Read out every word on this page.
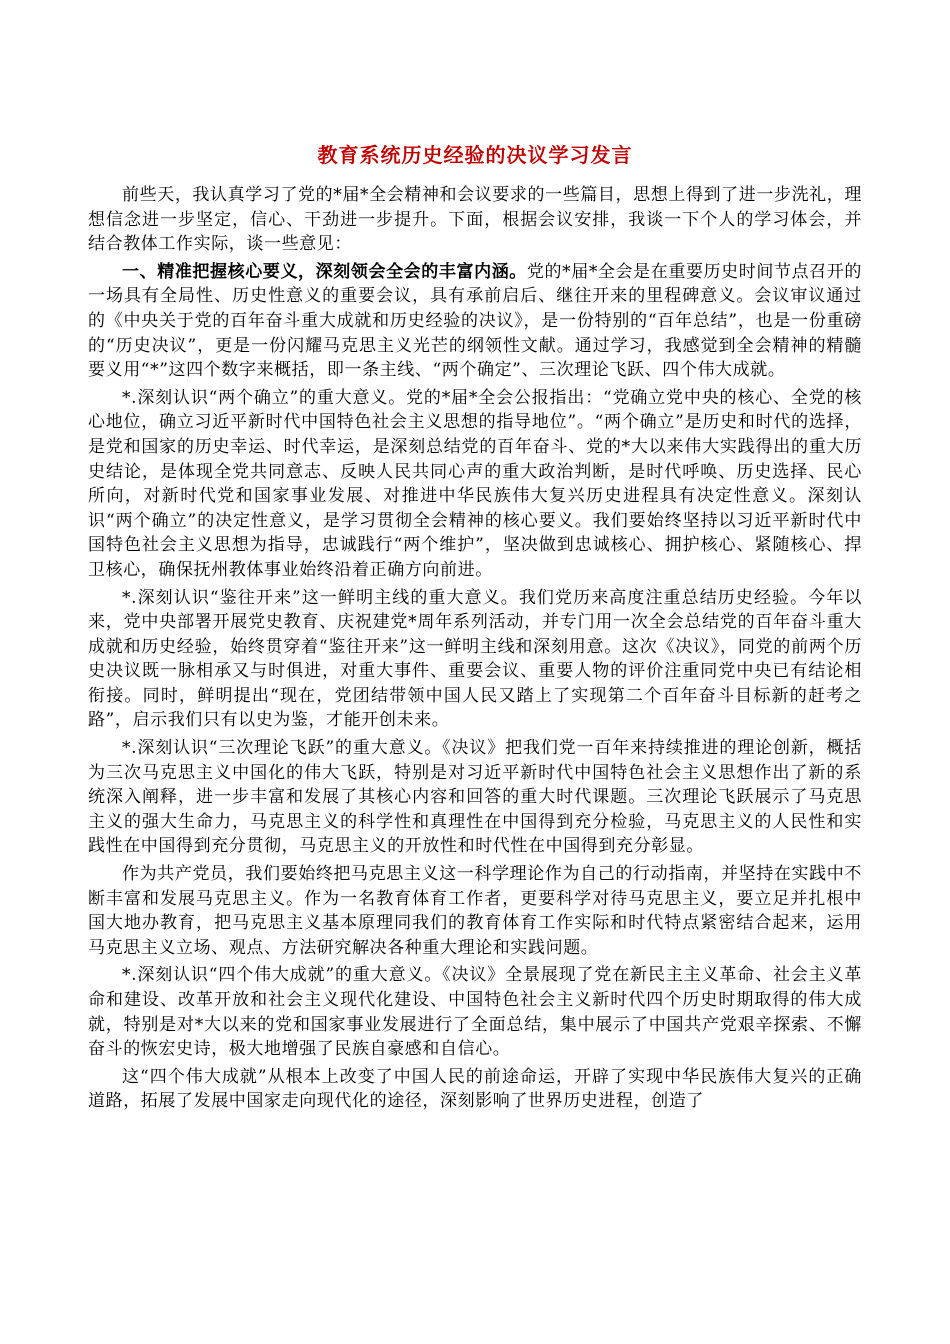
教育系统历史经验的决议学习发言

前些天，我认真学习了党的*届*全会精神和会议要求的一些篇目，思想上得到了进一步洗礼，理想信念进一步坚定，信心、干劲进一步提升。下面，根据会议安排，我谈一下个人的学习体会，并结合教体工作实际，谈一些意见：

一、精准把握核心要义，深刻领会全会的丰富内涵。党的*届*全会是在重要历史时间节点召开的一场具有全局性、历史性意义的重要会议，具有承前启后、继往开来的里程碑意义。会议审议通过的《中央关于党的百年奋斗重大成就和历史经验的决议》，是一份特别的“百年总结”，也是一份重磅的“历史决议”，更是一份闪耀马克思主义光芒的纲领性文献。通过学习，我感觉到全会精神的精髓要义用“*”这四个数字来概括，即一条主线、“两个确定”、三次理论飞跃、四个伟大成就。

*.深刻认识“两个确立”的重大意义。党的*届*全会公报指出：“党确立党中央的核心、全党的核心地位，确立习近平新时代中国特色社会主义思想的指导地位”。“两个确立”是历史和时代的选择，是党和国家的历史幸运、时代幸运，是深刻总结党的百年奋斗、党的*大以来伟大实践得出的重大历史结论，是体现全党共同意志、反映人民共同心声的重大政治判断，是时代呼唤、历史选择、民心所向，对新时代党和国家事业发展、对推进中华民族伟大复兴历史进程具有决定性意义。深刻认识“两个确立”的决定性意义，是学习贯彻全会精神的核心要义。我们要始终坚持以习近平新时代中国特色社会主义思想为指导，忠诚践行“两个维护”，坚决做到忠诚核心、拥护核心、紧随核心、捍卫核心，确保抚州教体事业始终沿着正确方向前进。

*.深刻认识“鉴往开来”这一鲜明主线的重大意义。我们党历来高度注重总结历史经验。今年以来，党中央部署开展党史教育、庆祝建党*周年系列活动，并专门用一次全会总结党的百年奋斗重大成就和历史经验，始终贯穿着“鉴往开来”这一鲜明主线和深刻用意。这次《决议》，同党的前两个历史决议既一脉相承又与时俱进，对重大事件、重要会议、重要人物的评价注重同党中央已有结论相衔接。同时，鲜明提出“现在，党团结带领中国人民又踏上了实现第二个百年奋斗目标新的赶考之路”，启示我们只有以史为鉴，才能开创未来。

*.深刻认识“三次理论飞跃”的重大意义。《决议》把我们党一百年来持续推进的理论创新，概括为三次马克思主义中国化的伟大飞跃，特别是对习近平新时代中国特色社会主义思想作出了新的系统深入阐释，进一步丰富和发展了其核心内容和回答的重大时代课题。三次理论飞跃展示了马克思主义的强大生命力，马克思主义的科学性和真理性在中国得到充分检验，马克思主义的人民性和实践性在中国得到充分贯彻，马克思主义的开放性和时代性在中国得到充分彰显。

作为共产党员，我们要始终把马克思主义这一科学理论作为自己的行动指南，并坚持在实践中不断丰富和发展马克思主义。作为一名教育体育工作者，更要科学对待马克思主义，要立足并扎根中国大地办教育，把马克思主义基本原理同我们的教育体育工作实际和时代特点紧密结合起来，运用马克思主义立场、观点、方法研究解决各种重大理论和实践问题。

*.深刻认识“四个伟大成就”的重大意义。《决议》全景展现了党在新民主主义革命、社会主义革命和建设、改革开放和社会主义现代化建设、中国特色社会主义新时代四个历史时期取得的伟大成就，特别是对*大以来的党和国家事业发展进行了全面总结，集中展示了中国共产党艰辛探索、不懈奋斗的恢宏史诗，极大地增强了民族自豪感和自信心。

这“四个伟大成就”从根本上改变了中国人民的前途命运，开辟了实现中华民族伟大复兴的正确道路，拓展了发展中国家走向现代化的途径，深刻影响了世界历史进程，创造了
